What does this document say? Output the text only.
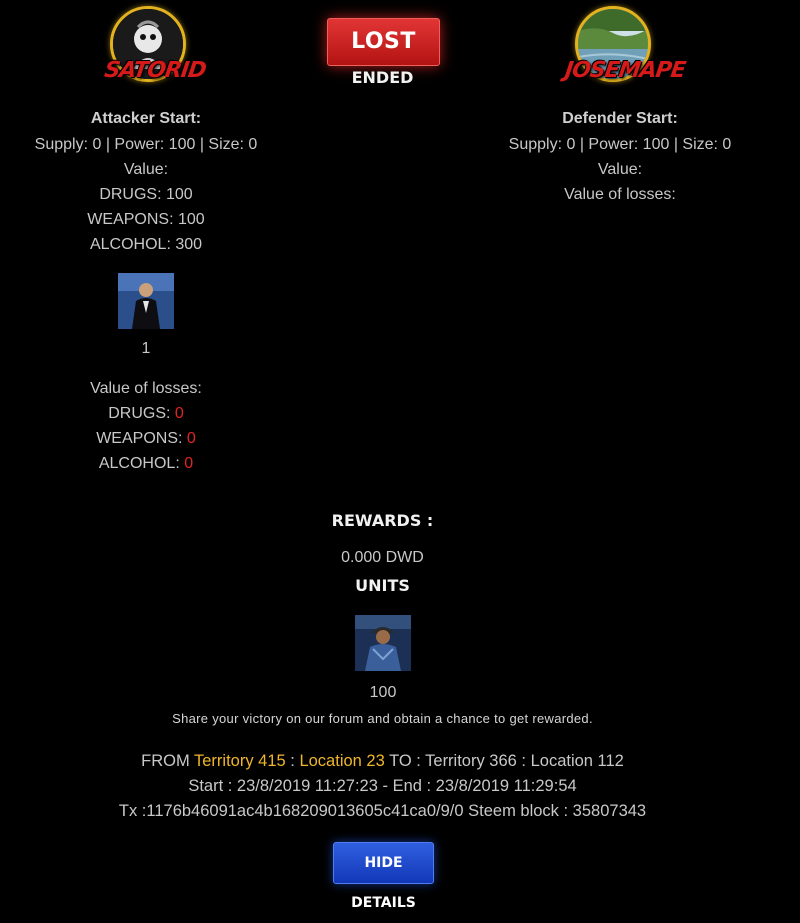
SATORID	JOSEMAPE
LOST
ENDED
Attacker Start:
Supply: 0 | Power: 100 | Size: 0
Value:
DRUGS: 100
WEAPONS: 100
ALCOHOL: 300
1
Value of losses:
DRUGS: 0
WEAPONS: 0
ALCOHOL: 0
Defender Start:
Supply: 0 | Power: 100 | Size: 0
Value:
Value of losses:
REWARDS :
0.000 DWD
UNITS
100
Share your victory on our forum and obtain a chance to get rewarded.
FROM Territory 415 : Location 23 TO : Territory 366 : Location 112
Start : 23/8/2019 11:27:23 - End : 23/8/2019 11:29:54
Tx :1176b46091ac4b168209013605c41ca0/9/0 Steem block : 35807343
HIDE DETAILS
